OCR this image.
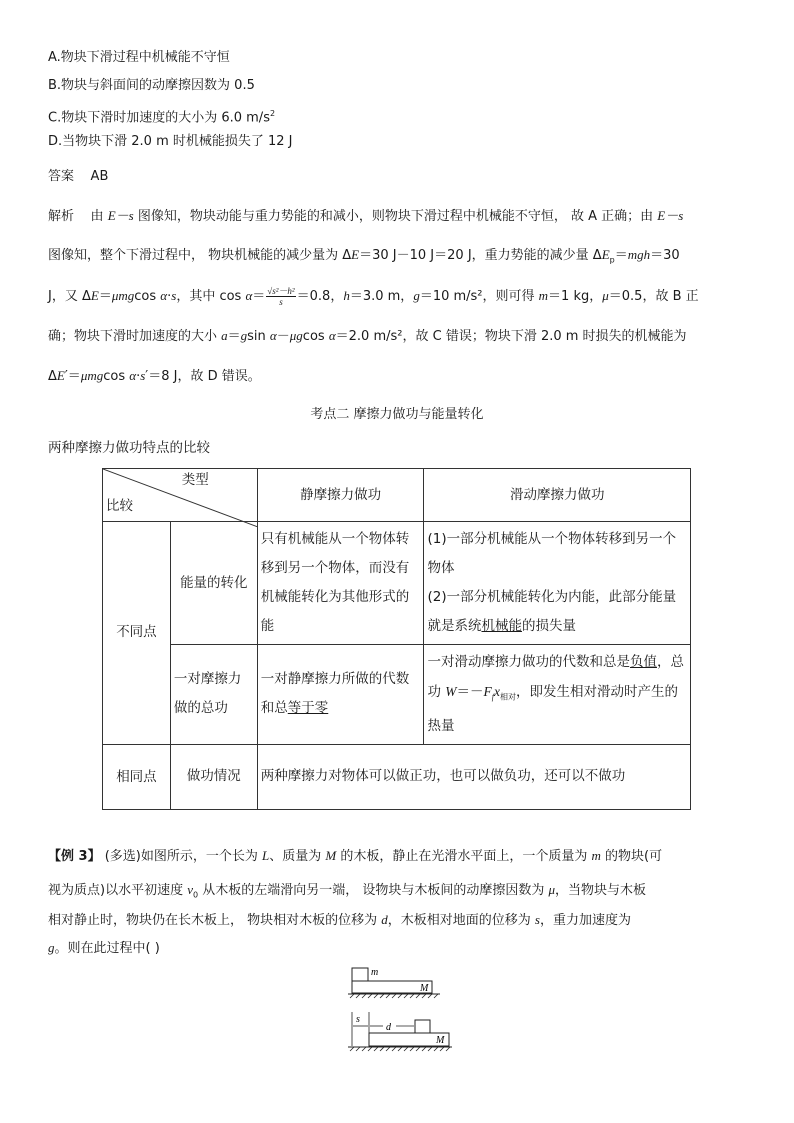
A.物块下滑过程中机械能不守恒
B.物块与斜面间的动摩擦因数为 0.5
C.物块下滑时加速度的大小为 6.0 $m/s^2$
D.当物块下滑 2.0 m 时机械能损失了 12 J
答案 AB
解析 由 E－s 图像知，物块动能与重力势能的和减小，则物块下滑过程中机械能不守恒， 故 A 正确；由 E－s
图像知，整个下滑过程中， 物块机械能的减少量为 ΔE＝30 J－10 J＝20 J，重力势能的减少量 $\Delta E_p=mgh=30$
J，又 ΔE＝μmgcos α·s，其中 $\cos \alpha= \frac{\text{√s²－h²}}{s} =0.8$，h＝3.0 m，g＝10 m/s²，则可得 m＝1 kg，μ＝0.5，故 B 正
确；物块下滑时加速度的大小 a＝gsin α－μgcos α＝2.0 m/s²，故 C 错误；物块下滑 2.0 m 时损失的机械能为
ΔE′＝μmgcos α·s′＝8 J，故 D 错误。
考点二 摩擦力做功与能量转化
两种摩擦力做功特点的比较
类型
比较		静摩擦力做功	滑动摩擦力做功
不同点	能量的转化	只有机械能从一个物体转移到另一个物体，而没有机械能转化为其他形式的能	(1)一部分机械能从一个物体转移到另一个物体
(2)一部分机械能转化为内能，此部分能量就是系统机械能的损失量

	一对摩擦力做的总功	一对静摩擦力所做的代数和总等于零	一对滑动摩擦力做功的代数和总是负值，总功 $W=-F_fx_{相对}$，即发生相对滑动时产生的热量
相同点	做功情况	两种摩擦力对物体可以做正功，也可以做负功，还可以不做功	
【例 3】 (多选)如图所示，一个长为 L、质量为 M 的木板，静止在光滑水平面上，一个质量为 m 的物块(可
视为质点)以水平初速度 $v_0$ 从木板的左端滑向另一端， 设物块与木板间的动摩擦因数为 μ，当物块与木板
相对静止时，物块仍在长木板上， 物块相对木板的位移为 d，木板相对地面的位移为 s，重力加速度为
g。则在此过程中( )
m
M
s
d
M
